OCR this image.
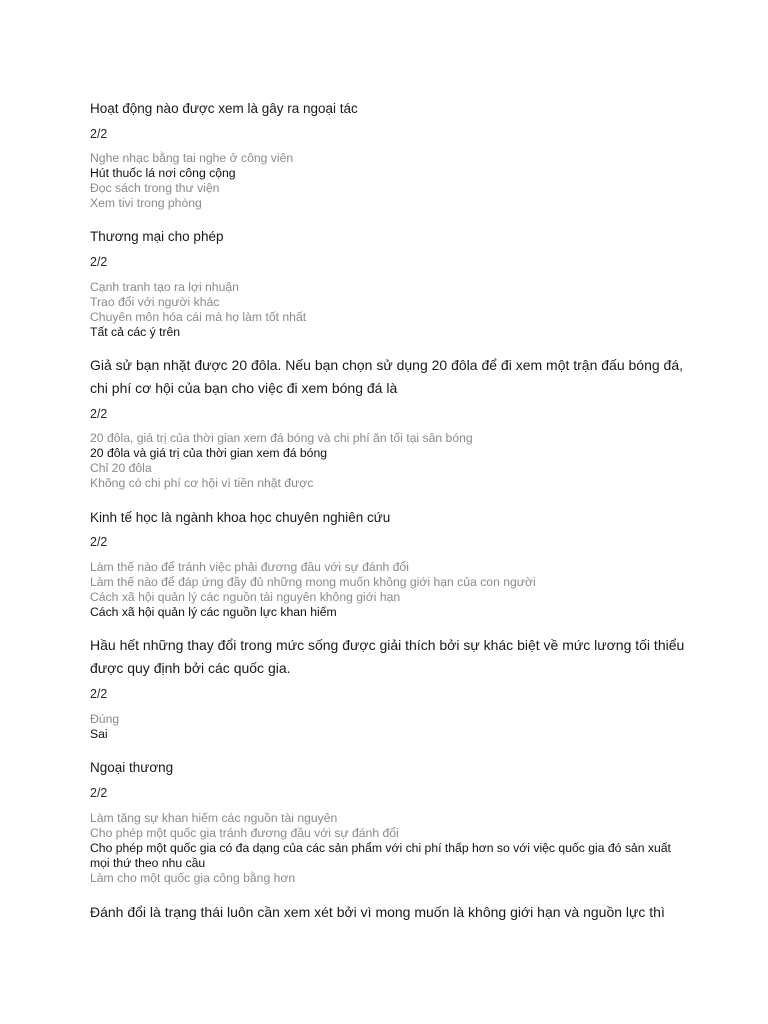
Hoạt động nào được xem là gây ra ngoại tác
2/2
Nghe nhạc bằng tai nghe ở công viên
Hút thuốc lá nơi công cộng
Đọc sách trong thư viện
Xem tivi trong phòng
Thương mại cho phép
2/2
Cạnh tranh tạo ra lợi nhuận
Trao đổi với người khác
Chuyên môn hóa cái mà họ làm tốt nhất
Tất cả các ý trên
Giả sử bạn nhặt được 20 đôla. Nếu bạn chọn sử dụng 20 đôla để đi xem một trận đấu bóng đá, chi phí cơ hội của bạn cho việc đi xem bóng đá là
2/2
20 đôla, giá trị của thời gian xem đá bóng và chi phí ăn tối tại sân bóng
20 đôla và giá trị của thời gian xem đá bóng
Chỉ 20 đôla
Không có chi phí cơ hội vì tiền nhặt được
Kinh tế học là ngành khoa học chuyên nghiên cứu
2/2
Làm thế nào để tránh việc phải đương đầu với sự đánh đổi
Làm thế nào để đáp ứng đầy đủ những mong muốn không giới hạn của con người
Cách xã hội quản lý các nguồn tài nguyên không giới hạn
Cách xã hội quản lý các nguồn lực khan hiếm
Hầu hết những thay đổi trong mức sống được giải thích bởi sự khác biệt về mức lương tối thiểu được quy định bởi các quốc gia.
2/2
Đúng
Sai
Ngoại thương
2/2
Làm tăng sự khan hiếm các nguồn tài nguyên
Cho phép một quốc gia tránh đương đầu với sự đánh đổi
Cho phép một quốc gia có đa dạng của các sản phẩm với chi phí thấp hơn so với việc quốc gia đó sản xuất mọi thứ theo nhu cầu
Làm cho một quốc gia công bằng hơn
Đánh đổi là trạng thái luôn cần xem xét bởi vì mong muốn là không giới hạn và nguồn lực thì
